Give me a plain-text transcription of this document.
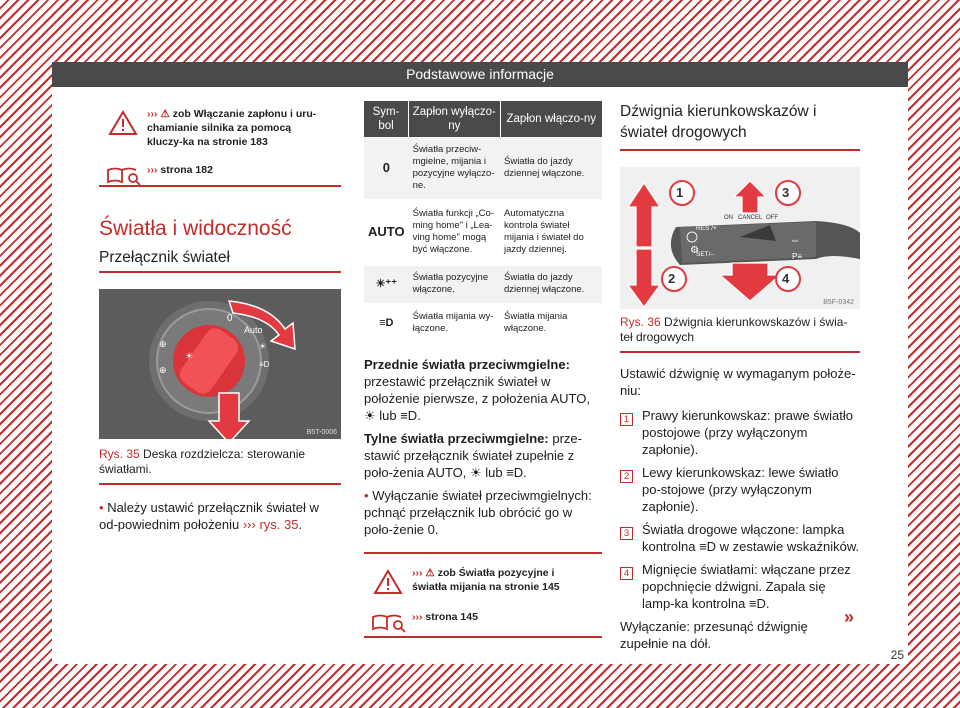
Podstawowe informacje
››› ⚠ zob Włączanie zapłonu i uru-chamianie silnika za pomocą kluczy-ka na stronie 183
››› strona 182
Światła i widoczność
Przełącznik świateł
☀
⊕
⊕
☀
≡D
0
Auto
B5T-0006
Rys. 35 Deska rozdzielcza: sterowanie światłami.
• Należy ustawić przełącznik świateł w od-powiednim położeniu ››› rys. 35.
Sym-bol	Zapłon wyłączo-ny	Zapłon włączo-ny
0	Światła przeciw-mgielne, mijania i pozycyjne wyłączo-ne.	Światła do jazdy dziennej włączone.
AUTO	Światła funkcji „Co-ming home" i „Lea-ving home" mogą być włączone.	Automatyczna kontrola świateł mijania i świateł do jazdy dziennej.
☀⁺⁺	Światła pozycyjne włączone.	Światła do jazdy dziennej włączone.
≡D	Światła mijania wy-łączone.	Światła mijania włączone.
Przednie światła przeciwmgielne: przestawić przełącznik świateł w położenie pierwsze, z położenia AUTO, ☀ lub ≡D.
Tylne światła przeciwmgielne: prze-stawić przełącznik świateł zupełnie z poło-żenia AUTO, ☀ lub ≡D.
• Wyłączanie świateł przeciwmgielnych: pchnąć przełącznik lub obrócić go w poło-żenie 0.
››› ⚠ zob Światła pozycyjne i światła mijania na stronie 145
››› strona 145
Dźwignia kierunkowskazów i świateł drogowych
⚙
⇔
P≡
1
2
3
4
RES /+
ON CANCEL OFF
SET/–
B5F-0342
Rys. 36 Dźwignia kierunkowskazów i świa-teł drogowych
Ustawić dźwignię w wymaganym położe-niu:
1 Prawy kierunkowskaz: prawe światło postojowe (przy wyłączonym zapłonie).
2 Lewy kierunkowskaz: lewe światło po-stojowe (przy wyłączonym zapłonie).
3 Światła drogowe włączone: lampka kontrolna ≡D w zestawie wskaźników.
4 Mignięcie światłami: włączane przez popchnięcie dźwigni. Zapala się lamp-ka kontrolna ≡D.
Wyłączanie: przesunąć dźwignię zupełnie na dół.
»
25
